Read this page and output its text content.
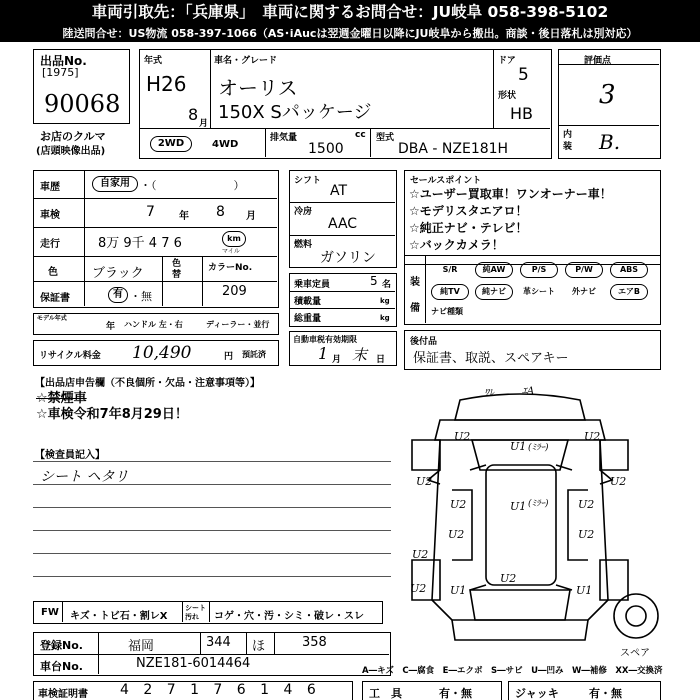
車両引取先：「兵庫県」　車両に関するお問合せ：JU岐阜 058-398-5102
陸送問合せ：US物流 058-397-1066（AS･iAucは翌週金曜日以降にJU岐阜から搬出。商談・後日落札は別対応）
出品No.
[1975]
90068
お店のクルマ
(店頭映像出品)
年式
H26
8 月
車名・グレード
オーリス
150X Sパッケージ
ドア
5
形状
HB
2WD	4WD
排気量	cc
1500
型式
DBA - NZE181H
評価点
3
内装 B.
車歴	自家用 ・（　　　　　　　）
車検	7 年 8 月
走行	8万 9千 4 7 6	km
マイル
色	ブラック
色替
カラーNo.
209
保証書	有 ・無
モデル年式
年 ハンドル 左・右	ディーラー・並行
リサイクル料金 10,490	円 預託済
シフト
AT
冷房
AAC
燃料
ガソリン
乗車定員	5 名
積載量	kg
総重量	kg
自動車税有効期限
1 月 末 日
セールスポイント
☆ユーザー買取車！ワンオーナー車！
☆モデリスタエアロ！
☆純正ナビ・テレビ！
☆バックカメラ！
装備
S/R	純AW	P/S	P/W	ABS
純TV	純ナビ	革シート	外ナビ	エアB
ナビ種類
後付品
保証書、取説、スペアキー
【出品店申告欄（不良個所・欠品・注意事項等）】
☆禁煙車
☆車検令和7年8月29日！
【検査員記入】
シート ヘタリ
FW キズ・トビ石・割レX
シート
汚れ コゲ・穴・汚・シミ・破レ・スレ
登録No.	福岡	344 ほ	358
車台No.	NZE181-6014464
車検証明書 4 2 7 1 7 6 1 4 6	工　具	有・無	ジャッキ	有・無
A―キズ　C―腐食　E―エクボ　S―サビ　U―凹み　W―補修　XX―交換済
スペア
U2	U2
U1
U2	U2
U2	U2
U2	U2
U1
U2
U1
U2
U1
U2
ﾜﾚ	ｴA
(ﾐﾗｰ)
(ﾐﾗｰ)
